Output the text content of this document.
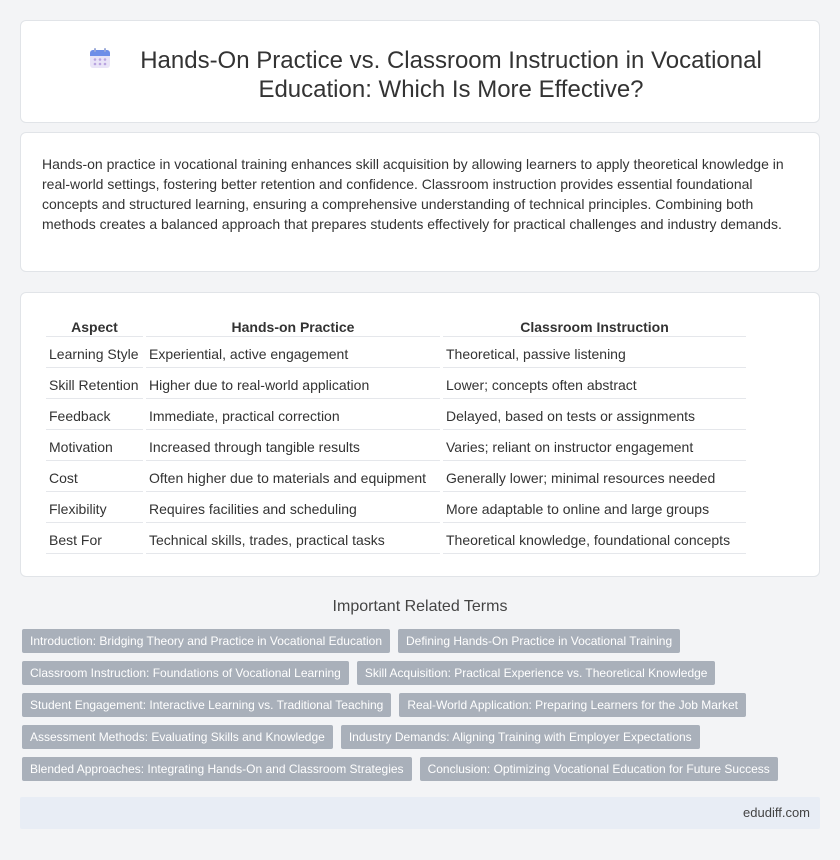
Hands-On Practice vs. Classroom Instruction in Vocational Education: Which Is More Effective?

Hands-on practice in vocational training enhances skill acquisition by allowing learners to apply theoretical knowledge in real-world settings, fostering better retention and confidence. Classroom instruction provides essential foundational concepts and structured learning, ensuring a comprehensive understanding of technical principles. Combining both methods creates a balanced approach that prepares students effectively for practical challenges and industry demands.

Aspect	Hands-on Practice	Classroom Instruction
Learning Style	Experiential, active engagement	Theoretical, passive listening
Skill Retention	Higher due to real-world application	Lower; concepts often abstract
Feedback	Immediate, practical correction	Delayed, based on tests or assignments
Motivation	Increased through tangible results	Varies; reliant on instructor engagement
Cost	Often higher due to materials and equipment	Generally lower; minimal resources needed
Flexibility	Requires facilities and scheduling	More adaptable to online and large groups
Best For	Technical skills, trades, practical tasks	Theoretical knowledge, foundational concepts
Important Related Terms
Introduction: Bridging Theory and Practice in Vocational Education	Defining Hands-On Practice in Vocational Training
Classroom Instruction: Foundations of Vocational Learning	Skill Acquisition: Practical Experience vs. Theoretical Knowledge
Student Engagement: Interactive Learning vs. Traditional Teaching	Real-World Application: Preparing Learners for the Job Market
Assessment Methods: Evaluating Skills and Knowledge	Industry Demands: Aligning Training with Employer Expectations
Blended Approaches: Integrating Hands-On and Classroom Strategies	Conclusion: Optimizing Vocational Education for Future Success
edudiff.com
